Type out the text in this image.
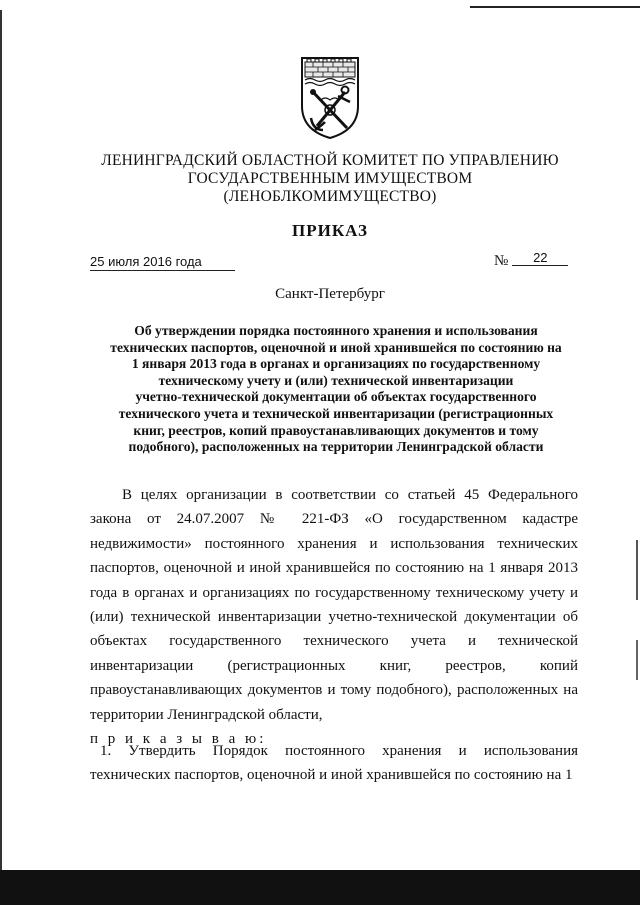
ЛЕНИНГРАДСКИЙ ОБЛАСТНОЙ КОМИТЕТ ПО УПРАВЛЕНИЮ
ГОСУДАРСТВЕННЫМ ИМУЩЕСТВОМ
(ЛЕНОБЛКОМИМУЩЕСТВО)
ПРИКАЗ
25 июля 2016 года	№ 22
Санкт-Петербург
Об утверждении порядка постоянного хранения и использования
технических паспортов, оценочной и иной хранившейся по состоянию на
1 января 2013 года в органах и организациях по государственному
техническому учету и (или) технической инвентаризации
учетно-технической документации об объектах государственного
технического учета и технической инвентаризации (регистрационных
книг, реестров, копий правоустанавливающих документов и тому
подобного), расположенных на территории Ленинградской области

В целях организации в соответствии со статьей 45 Федерального закона от 24.07.2007 № 221-ФЗ «О государственном кадастре недвижимости» постоянного хранения и использования технических паспортов, оценочной и иной хранившейся по состоянию на 1 января 2013 года в органах и организациях по государственному техническому учету и (или) технической инвентаризации учетно-технической документации об объектах государственного технического учета и технической инвентаризации (регистрационных книг, реестров, копий правоустанавливающих документов и тому подобного), расположенных на территории Ленинградской области,
п р и к а з ы в а ю:

1. Утвердить Порядок постоянного хранения и использования технических паспортов, оценочной и иной хранившейся по состоянию на 1
